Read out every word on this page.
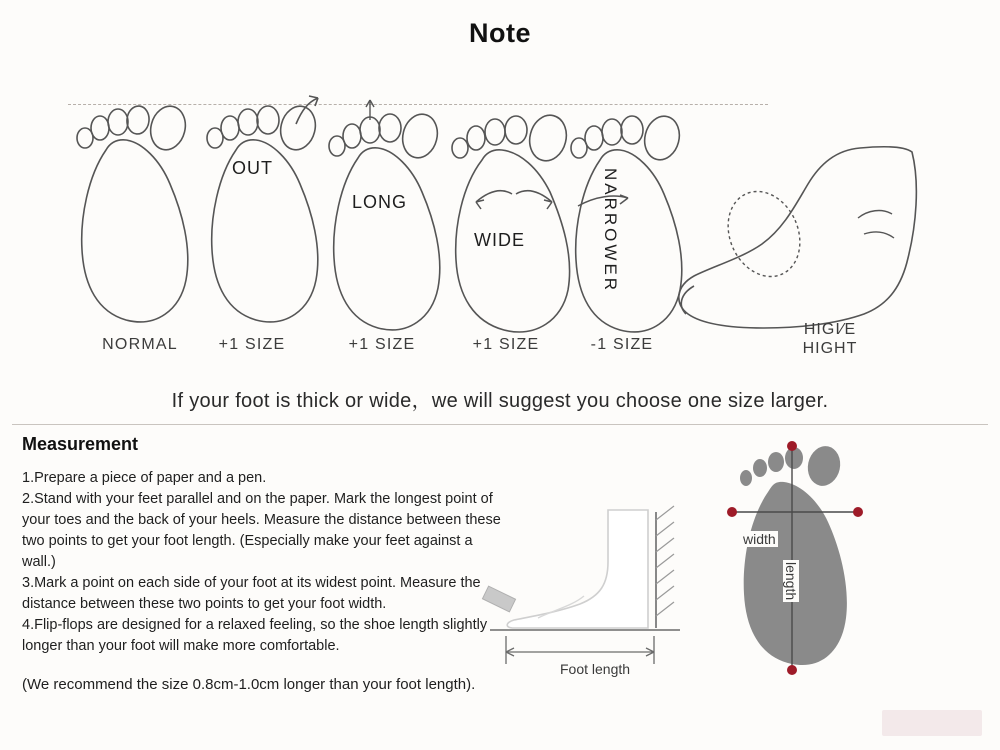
Note
NORMAL
OUT
+1 SIZE
LONG
+1 SIZE
WIDE
+1 SIZE
NARROWER
-1 SIZE
HIGI⁄E
HIGHT
If your foot is thick or wide，we will suggest you choose one size larger.
Measurement

1.Prepare a piece of paper and a pen.

2.Stand with your feet parallel and on the paper. Mark the longest point of your toes and the back of your heels. Measure the distance between these two points to get your foot length. (Especially make your feet against a wall.)

3.Mark a point on each side of your foot at its widest point. Measure the distance between these two points to get your foot width.

4.Flip-flops are designed for a relaxed feeling, so the shoe length slightly longer than your foot will make more comfortable.

(We recommend the size 0.8cm-1.0cm longer than your foot length).
Foot length
width
length
